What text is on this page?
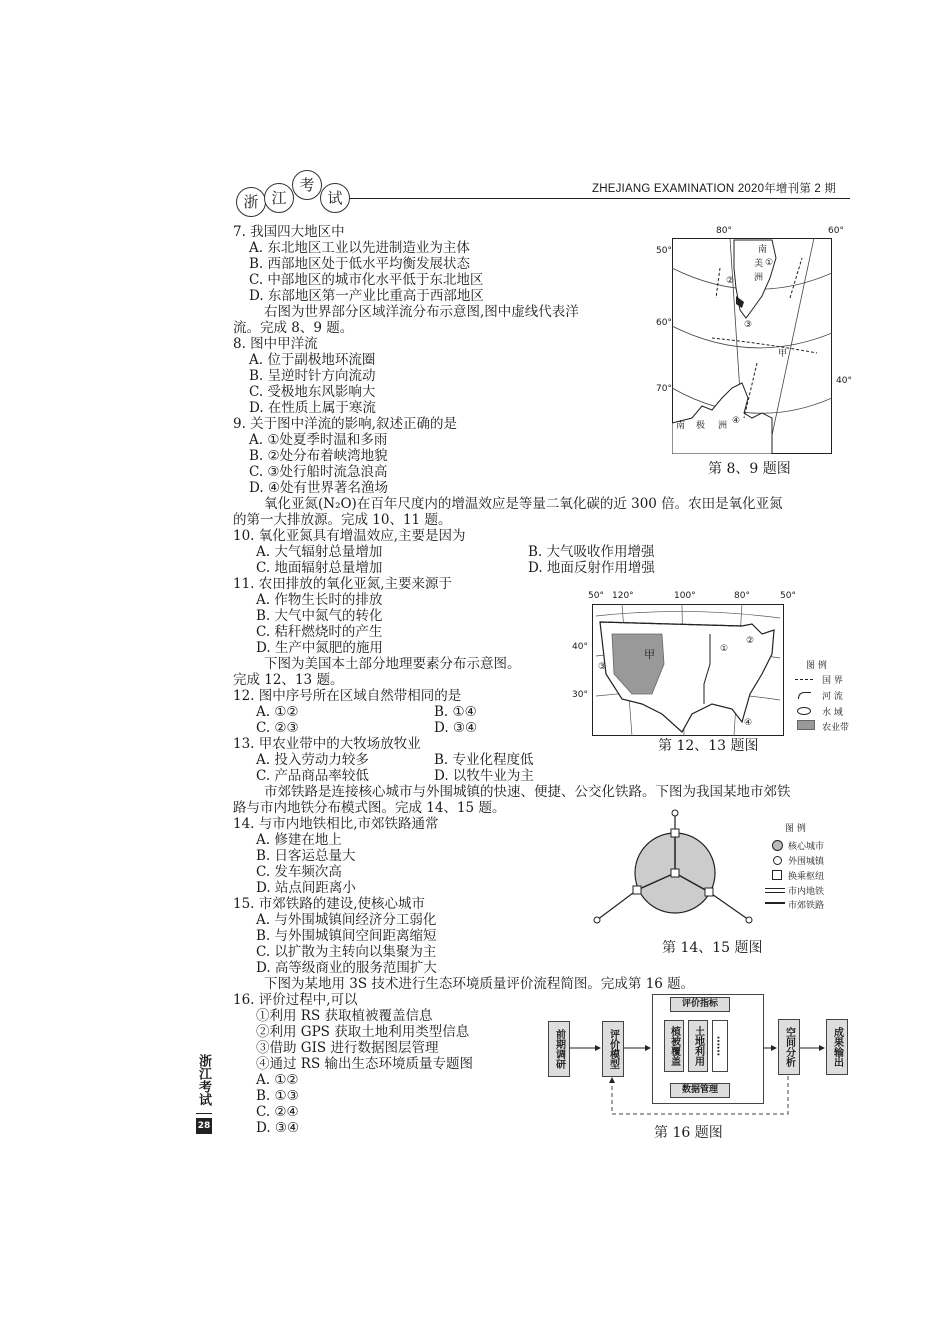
浙 江
考
试	ZHEJIANG EXAMINATION 2020年增刊第 2 期
7. 我国四大地区中
A. 东北地区工业以先进制造业为主体
B. 西部地区处于低水平均衡发展状态
C. 中部地区的城市化水平低于东北地区
D. 东部地区第一产业比重高于西部地区
右图为世界部分区域洋流分布示意图,图中虚线代表洋
流。完成 8、9 题。
8. 图中甲洋流
A. 位于副极地环流圈
B. 呈逆时针方向流动
C. 受极地东风影响大
D. 在性质上属于寒流
9. 关于图中洋流的影响,叙述正确的是
A. ①处夏季时温和多雨
B. ②处分布着峡湾地貌
C. ③处行船时流急浪高
D. ④处有世界著名渔场
氧化亚氮(N₂O)在百年尺度内的增温效应是等量二氧化碳的近 300 倍。农田是氧化亚氮
的第一大排放源。完成 10、11 题。
10. 氧化亚氮具有增温效应,主要是因为
A. 大气辐射总量增加	B. 大气吸收作用增强
C. 地面辐射总量增加	D. 地面反射作用增强
11. 农田排放的氧化亚氮,主要来源于
A. 作物生长时的排放
B. 大气中氮气的转化
C. 秸秆燃烧时的产生
D. 生产中氮肥的施用
下图为美国本土部分地理要素分布示意图。
完成 12、13 题。
12. 图中序号所在区域自然带相同的是
A. ①②	B. ①④
C. ②③	D. ③④
13. 甲农业带中的大牧场放牧业
A. 投入劳动力较多	B. 专业化程度低
C. 产品商品率较低	D. 以牧牛业为主
市郊铁路是连接核心城市与外围城镇的快速、便捷、公交化铁路。下图为我国某地市郊铁
路与市内地铁分布模式图。完成 14、15 题。
14. 与市内地铁相比,市郊铁路通常
A. 修建在地上
B. 日客运总量大
C. 发车频次高
D. 站点间距离小
15. 市郊铁路的建设,使核心城市
A. 与外围城镇间经济分工弱化
B. 与外围城镇间空间距离缩短
C. 以扩散为主转向以集聚为主
D. 高等级商业的服务范围扩大
下图为某地用 3S 技术进行生态环境质量评价流程简图。完成第 16 题。
16. 评价过程中,可以
①利用 RS 获取植被覆盖信息
②利用 GPS 获取土地利用类型信息
③借助 GIS 进行数据图层管理
④通过 RS 输出生态环境质量专题图
A. ①②
B. ①③
C. ②④
D. ③④
80°	60°
40°
50°
60°
70°
南
美
洲
南 极 洲
甲
①
②
③
④
第 8、9 题图
50° 120°	100°	80°	50°
40°
30°
①
②
③
④
甲
图 例
国 界
河 流
水 域
农业带
第 12、13 题图
图 例
核心城市
外围城镇
换乘枢纽
市内地铁
市郊铁路
第 14、15 题图
前期调研	评价模型
评价指标
植被覆盖	土地利用	……
数据管理
空间分析	成果输出
第 16 题图
浙江考试
28
